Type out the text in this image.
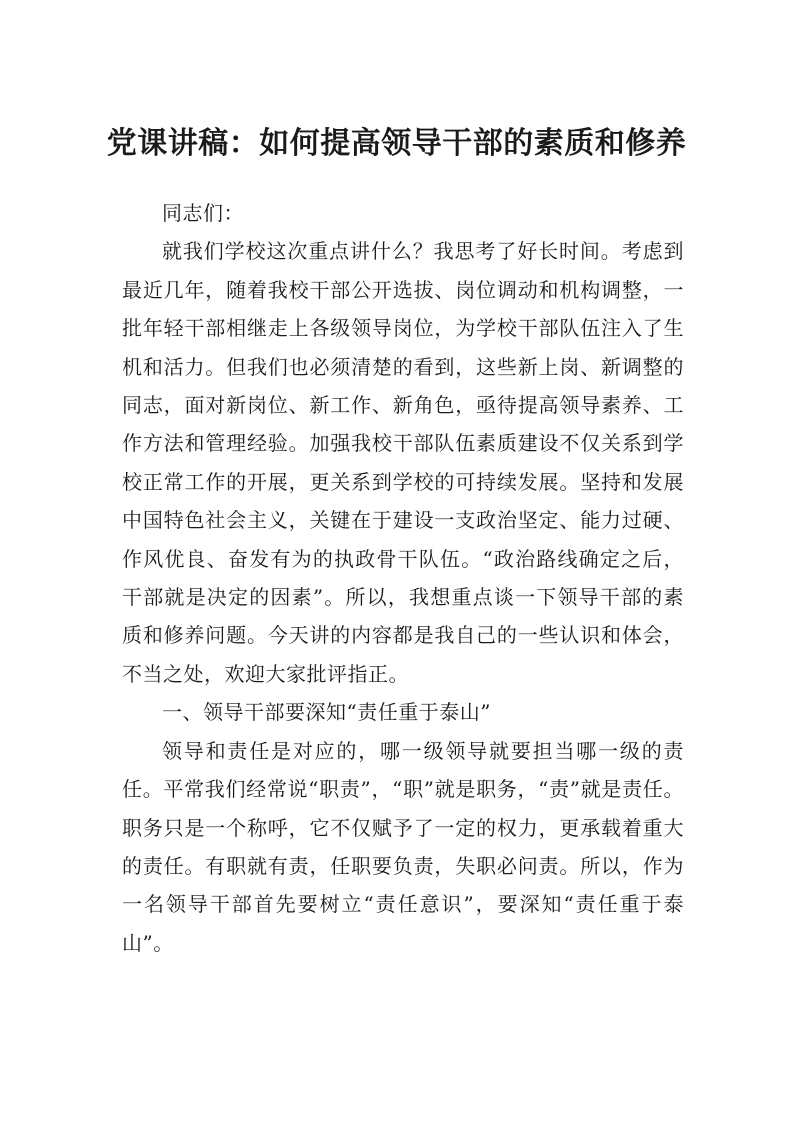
党课讲稿：如何提高领导干部的素质和修养

同志们：

就我们学校这次重点讲什么？我思考了好长时间。考虑到最近几年，随着我校干部公开选拔、岗位调动和机构调整，一批年轻干部相继走上各级领导岗位，为学校干部队伍注入了生机和活力。但我们也必须清楚的看到，这些新上岗、新调整的同志，面对新岗位、新工作、新角色，亟待提高领导素养、工作方法和管理经验。加强我校干部队伍素质建设不仅关系到学校正常工作的开展，更关系到学校的可持续发展。坚持和发展中国特色社会主义，关键在于建设一支政治坚定、能力过硬、作风优良、奋发有为的执政骨干队伍。“政治路线确定之后，干部就是决定的因素”。所以，我想重点谈一下领导干部的素质和修养问题。今天讲的内容都是我自己的一些认识和体会，不当之处，欢迎大家批评指正。

一、领导干部要深知“责任重于泰山”

领导和责任是对应的，哪一级领导就要担当哪一级的责任。平常我们经常说“职责”，“职”就是职务，“责”就是责任。职务只是一个称呼，它不仅赋予了一定的权力，更承载着重大的责任。有职就有责，任职要负责，失职必问责。所以，作为一名领导干部首先要树立“责任意识”，要深知“责任重于泰山”。
